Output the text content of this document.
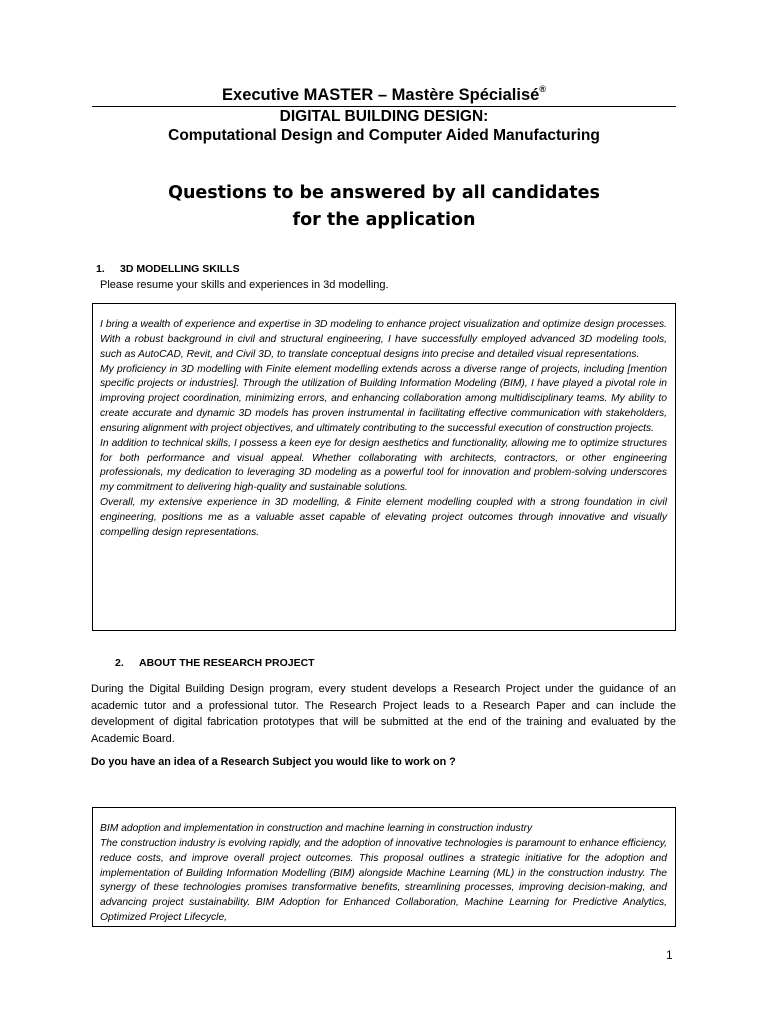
Executive MASTER – Mastère Spécialisé®
DIGITAL BUILDING DESIGN:
Computational Design and Computer Aided Manufacturing
Questions to be answered by all candidates
for the application
1. 3D MODELLING SKILLS
Please resume your skills and experiences in 3d modelling.

I bring a wealth of experience and expertise in 3D modeling to enhance project visualization and optimize design processes. With a robust background in civil and structural engineering, I have successfully employed advanced 3D modeling tools, such as AutoCAD, Revit, and Civil 3D, to translate conceptual designs into precise and detailed visual representations.

My proficiency in 3D modelling with Finite element modelling extends across a diverse range of projects, including [mention specific projects or industries]. Through the utilization of Building Information Modeling (BIM), I have played a pivotal role in improving project coordination, minimizing errors, and enhancing collaboration among multidisciplinary teams. My ability to create accurate and dynamic 3D models has proven instrumental in facilitating effective communication with stakeholders, ensuring alignment with project objectives, and ultimately contributing to the successful execution of construction projects.

In addition to technical skills, I possess a keen eye for design aesthetics and functionality, allowing me to optimize structures for both performance and visual appeal. Whether collaborating with architects, contractors, or other engineering professionals, my dedication to leveraging 3D modeling as a powerful tool for innovation and problem-solving underscores my commitment to delivering high-quality and sustainable solutions.

Overall, my extensive experience in 3D modelling, & Finite element modelling coupled with a strong foundation in civil engineering, positions me as a valuable asset capable of elevating project outcomes through innovative and visually compelling design representations.

2. ABOUT THE RESEARCH PROJECT

During the Digital Building Design program, every student develops a Research Project under the guidance of an academic tutor and a professional tutor. The Research Project leads to a Research Paper and can include the development of digital fabrication prototypes that will be submitted at the end of the training and evaluated by the Academic Board.

Do you have an idea of a Research Subject you would like to work on ?

BIM adoption and implementation in construction and machine learning in construction industry

The construction industry is evolving rapidly, and the adoption of innovative technologies is paramount to enhance efficiency, reduce costs, and improve overall project outcomes. This proposal outlines a strategic initiative for the adoption and implementation of Building Information Modelling (BIM) alongside Machine Learning (ML) in the construction industry. The synergy of these technologies promises transformative benefits, streamlining processes, improving decision-making, and advancing project sustainability. BIM Adoption for Enhanced Collaboration, Machine Learning for Predictive Analytics, Optimized Project Lifecycle,

1
